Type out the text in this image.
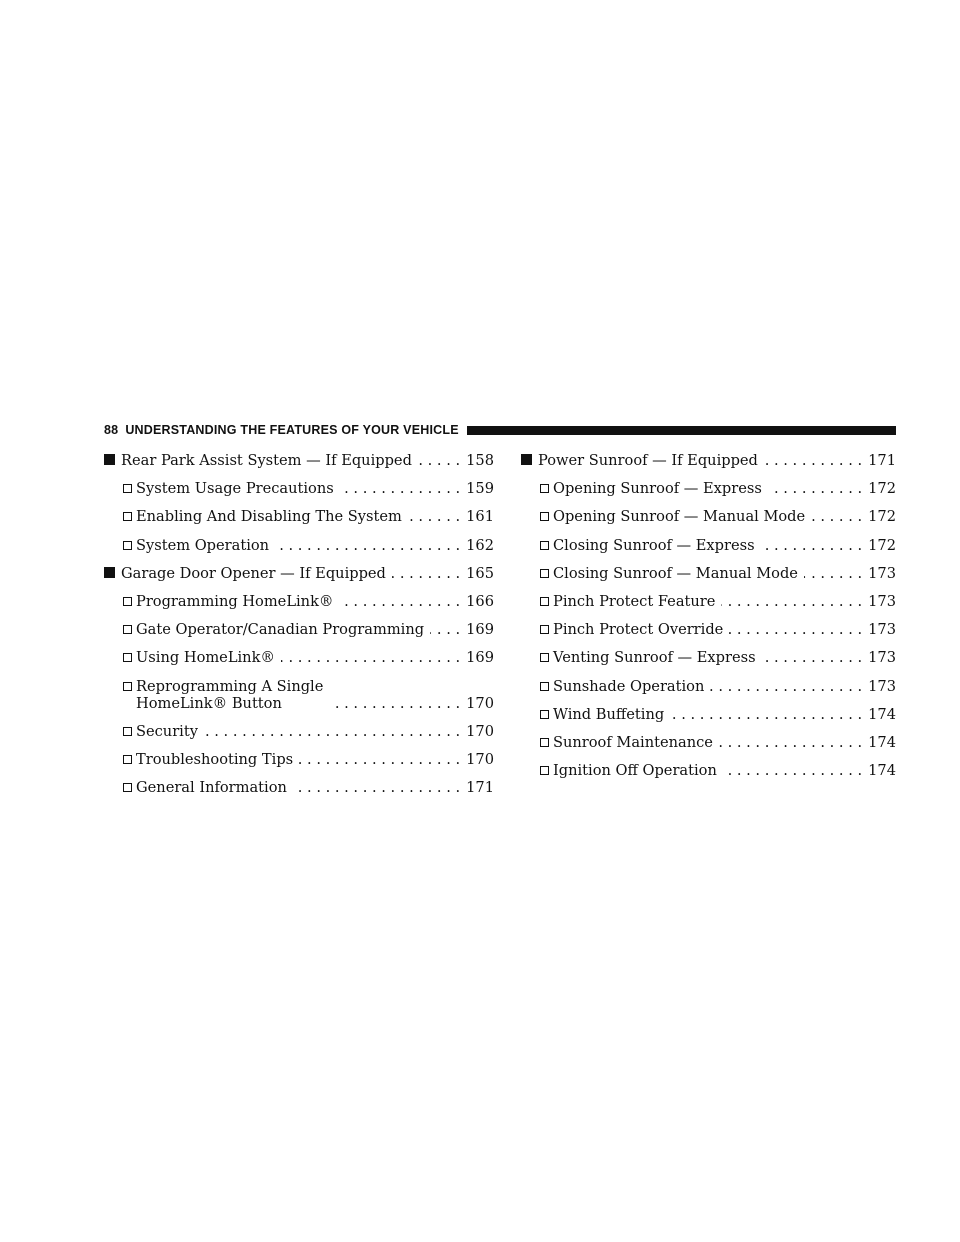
88 UNDERSTANDING THE FEATURES OF YOUR VEHICLE
Rear Park Assist System — If Equipped . . .	158
System Usage Precautions . . .	159
Enabling And Disabling The System . . .	161
System Operation . . .	162
Garage Door Opener — If Equipped . . .	165
Programming HomeLink® . . .	166
Gate Operator/Canadian Programming . . .	169
Using HomeLink® . . .	169
Reprogramming A Single
HomeLink® Button . . .	170
Security . . .	170
Troubleshooting Tips . . .	170
General Information . . .	171
Power Sunroof — If Equipped . . .	171
Opening Sunroof — Express . . .	172
Opening Sunroof — Manual Mode . . .	172
Closing Sunroof — Express . . .	172
Closing Sunroof — Manual Mode . . .	173
Pinch Protect Feature . . .	173
Pinch Protect Override . . .	173
Venting Sunroof — Express . . .	173
Sunshade Operation . . .	173
Wind Buffeting . . .	174
Sunroof Maintenance . . .	174
Ignition Off Operation . . .	174
